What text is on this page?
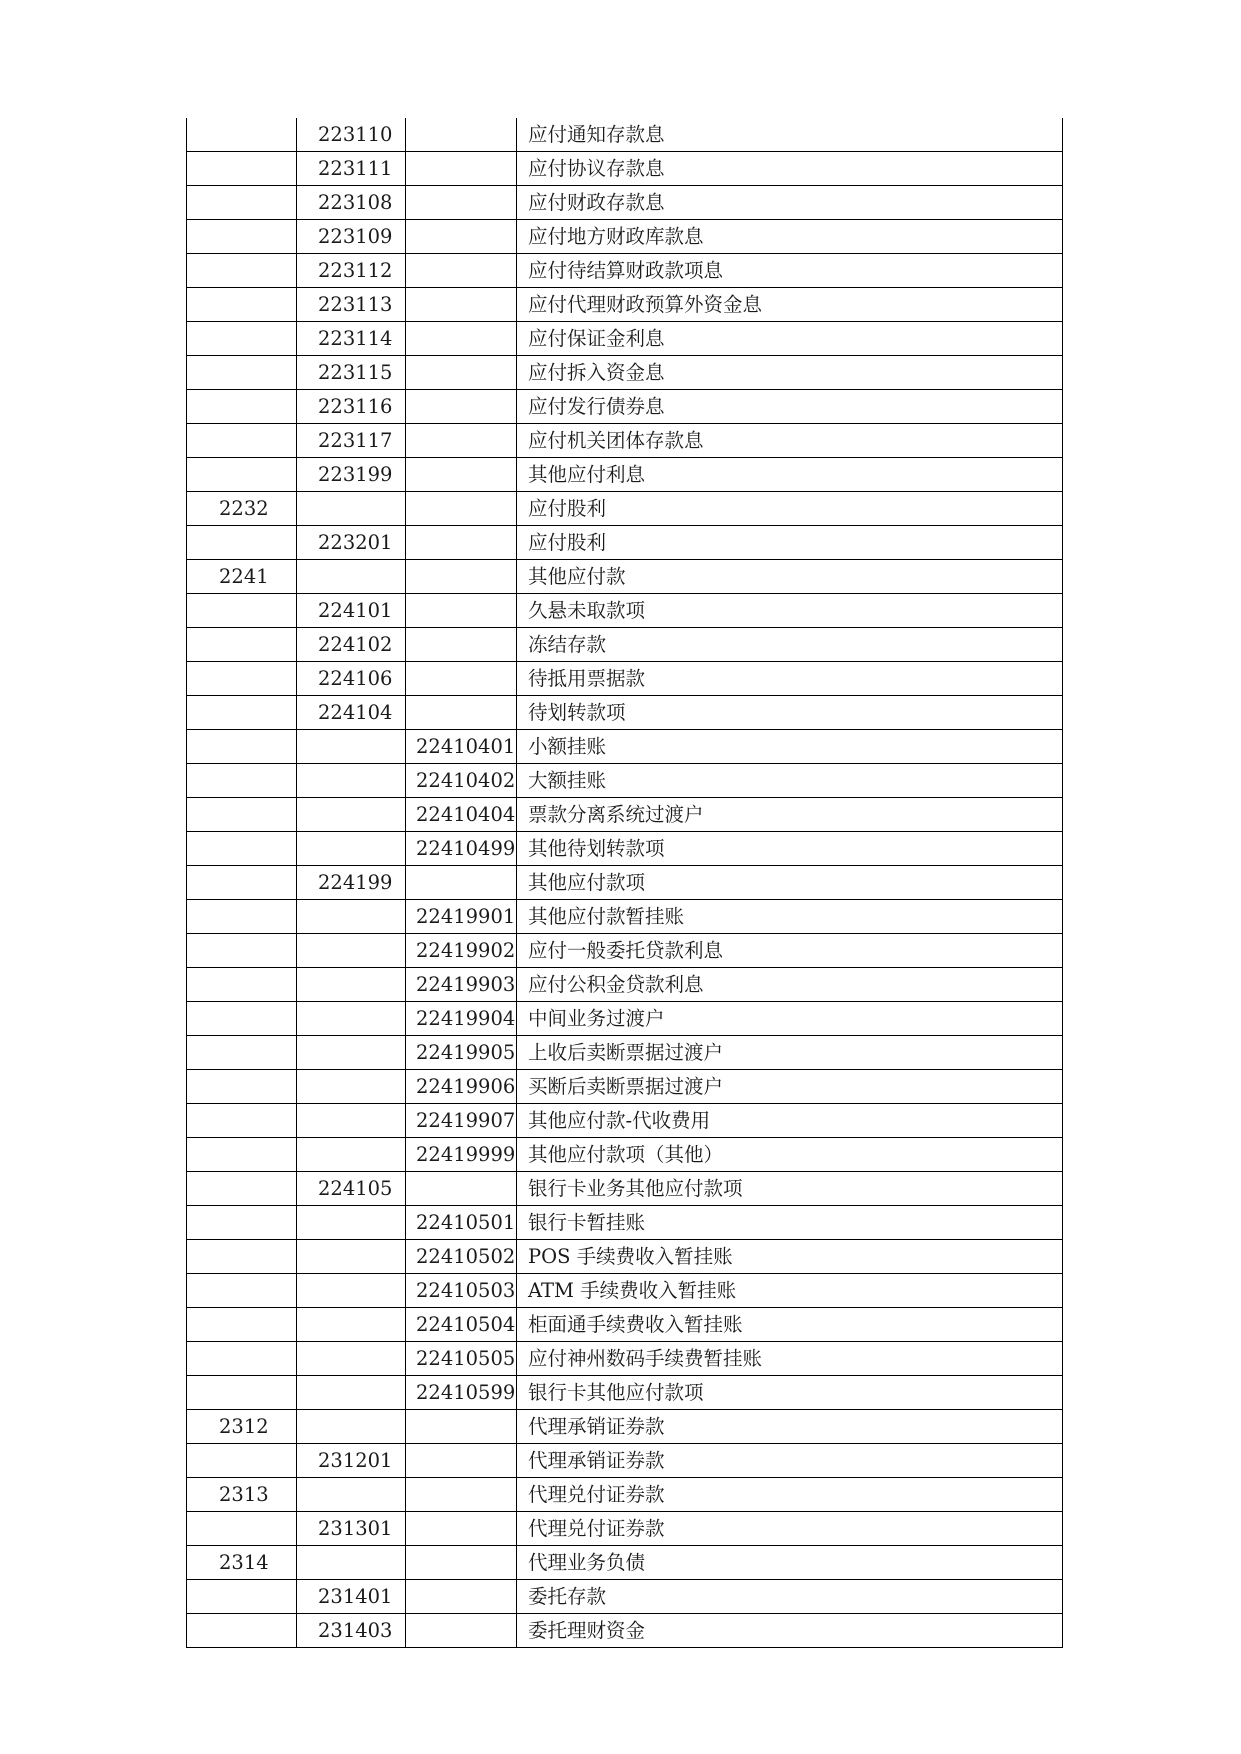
	223110		应付通知存款息
	223111		应付协议存款息
	223108		应付财政存款息
	223109		应付地方财政库款息
	223112		应付待结算财政款项息
	223113		应付代理财政预算外资金息
	223114		应付保证金利息
	223115		应付拆入资金息
	223116		应付发行债券息
	223117		应付机关团体存款息
	223199		其他应付利息
2232			应付股利
	223201		应付股利
2241			其他应付款
	224101		久悬未取款项
	224102		冻结存款
	224106		待抵用票据款
	224104		待划转款项
		22410401	小额挂账
		22410402	大额挂账
		22410404	票款分离系统过渡户
		22410499	其他待划转款项
	224199		其他应付款项
		22419901	其他应付款暂挂账
		22419902	应付一般委托贷款利息
		22419903	应付公积金贷款利息
		22419904	中间业务过渡户
		22419905	上收后卖断票据过渡户
		22419906	买断后卖断票据过渡户
		22419907	其他应付款-代收费用
		22419999	其他应付款项（其他）
	224105		银行卡业务其他应付款项
		22410501	银行卡暂挂账
		22410502	POS 手续费收入暂挂账
		22410503	ATM 手续费收入暂挂账
		22410504	柜面通手续费收入暂挂账
		22410505	应付神州数码手续费暂挂账
		22410599	银行卡其他应付款项
2312			代理承销证券款
	231201		代理承销证券款
2313			代理兑付证券款
	231301		代理兑付证券款
2314			代理业务负债
	231401		委托存款
	231403		委托理财资金
